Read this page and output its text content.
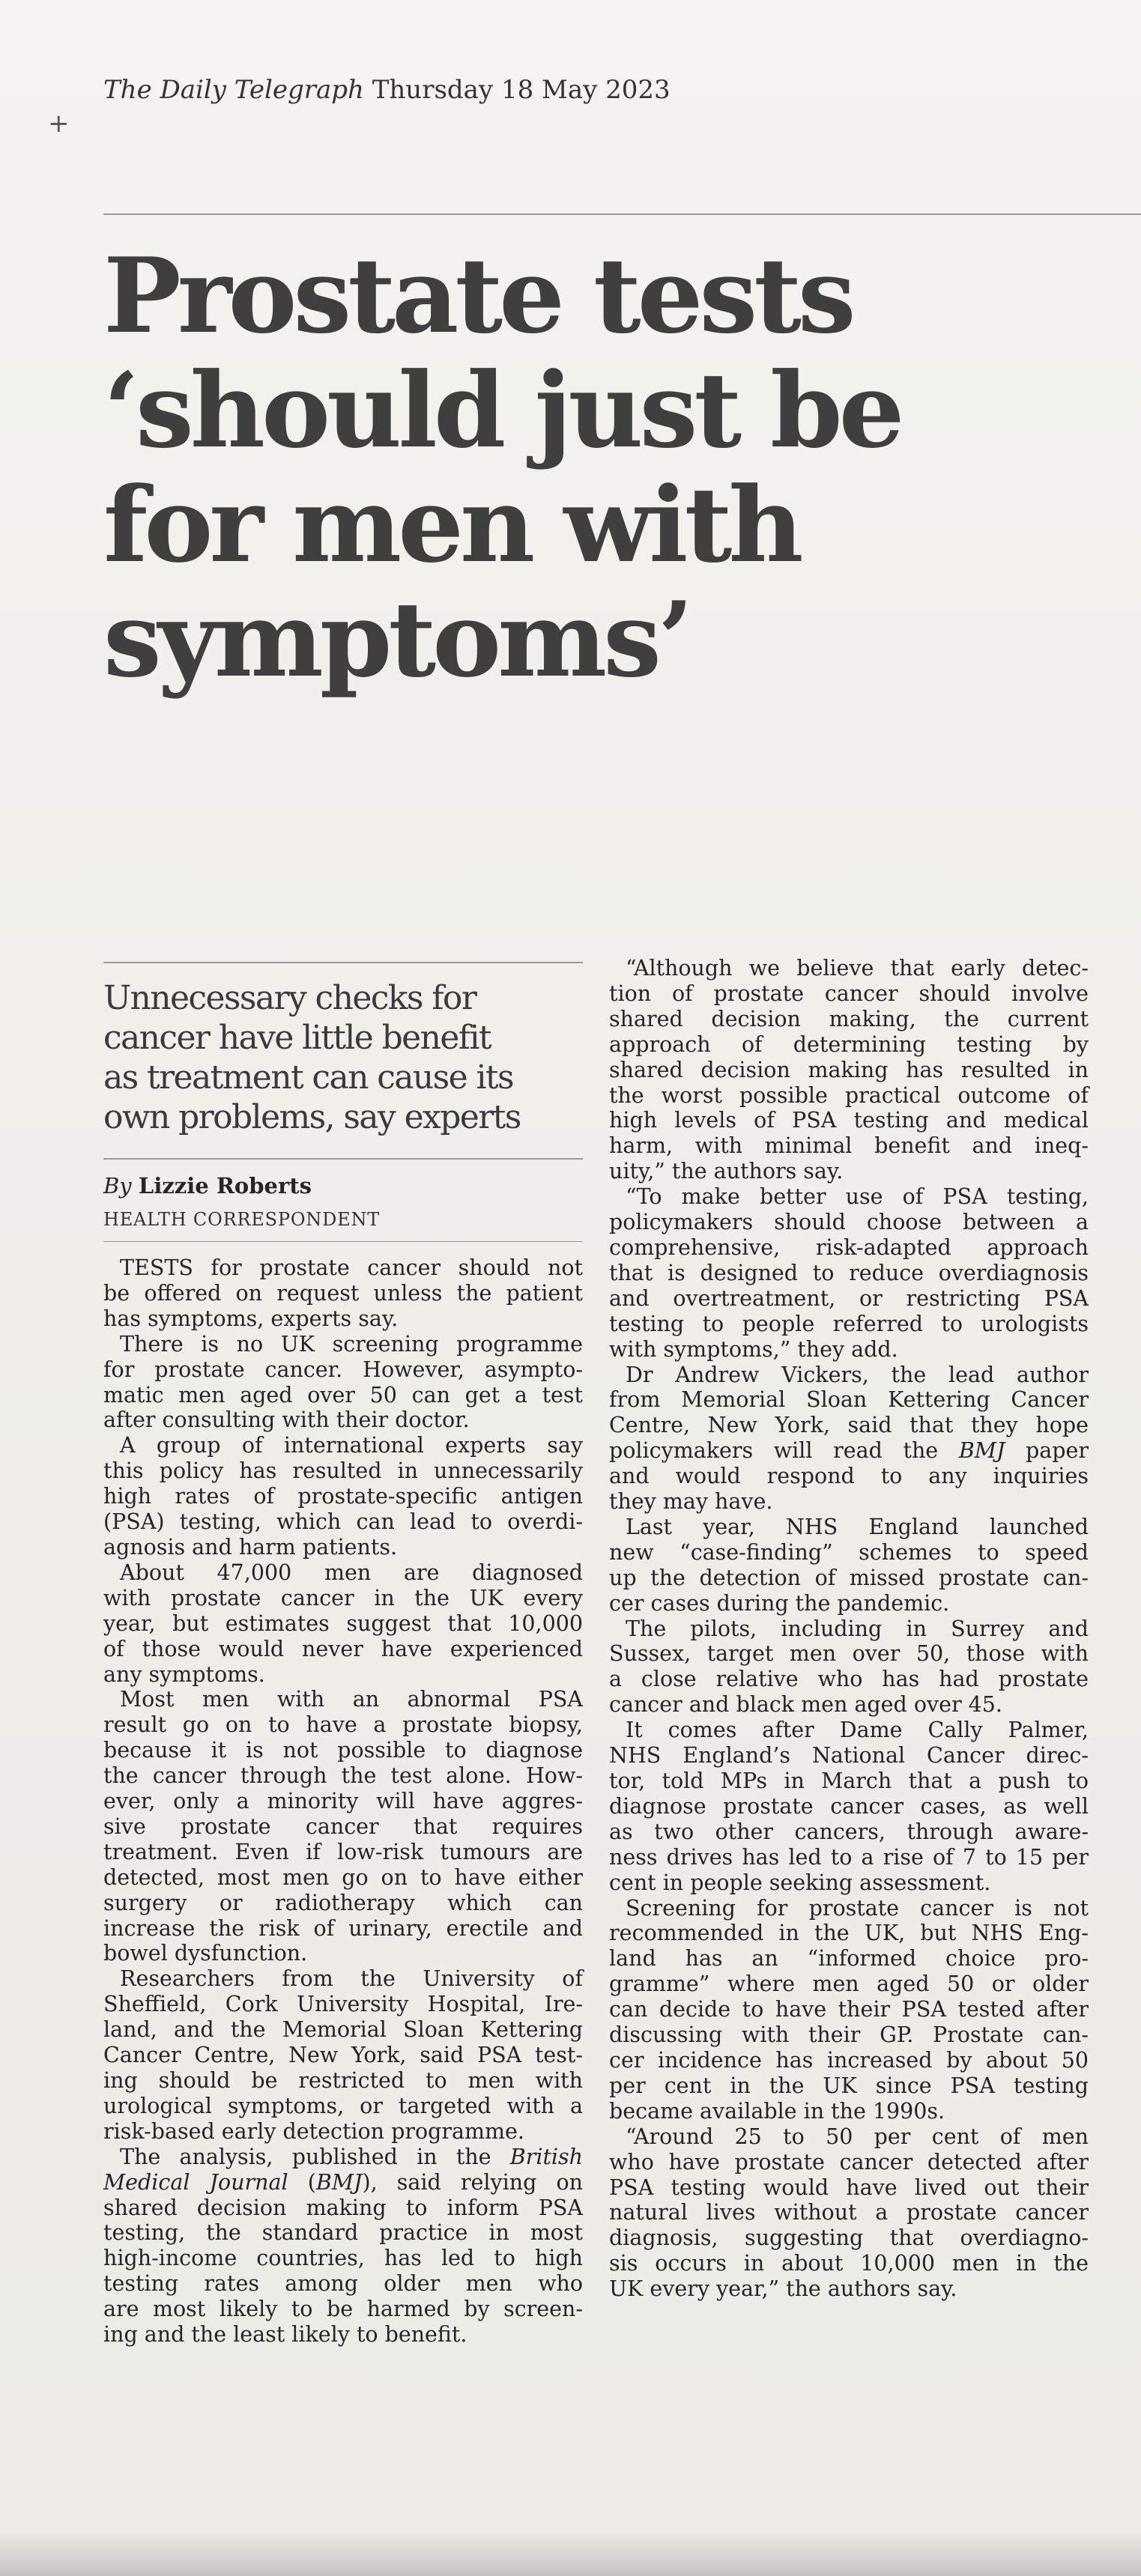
+
The Daily Telegraph Thursday 18 May 2023
Prostate tests
‘should just be
for men with
symptoms’

Unnecessary checks for
cancer have little benefit
as treatment can cause its
own problems, say experts

By Lizzie Roberts
HEALTH CORRESPONDENT

TESTS for prostate cancer should not
be offered on request unless the patient
has symptoms, experts say.

There is no UK screening programme
for prostate cancer. However, asympto-
matic men aged over 50 can get a test
after consulting with their doctor.

A group of international experts say
this policy has resulted in unnecessarily
high rates of prostate-specific antigen
(PSA) testing, which can lead to overdi-
agnosis and harm patients.

About 47,000 men are diagnosed
with prostate cancer in the UK every
year, but estimates suggest that 10,000
of those would never have experienced
any symptoms.

Most men with an abnormal PSA
result go on to have a prostate biopsy,
because it is not possible to diagnose
the cancer through the test alone. How-
ever, only a minority will have aggres-
sive prostate cancer that requires
treatment. Even if low-risk tumours are
detected, most men go on to have either
surgery or radiotherapy which can
increase the risk of urinary, erectile and
bowel dysfunction.

Researchers from the University of
Sheffield, Cork University Hospital, Ire-
land, and the Memorial Sloan Kettering
Cancer Centre, New York, said PSA test-
ing should be restricted to men with
urological symptoms, or targeted with a
risk-based early detection programme.

The analysis, published in the British
Medical Journal (BMJ), said relying on
shared decision making to inform PSA
testing, the standard practice in most
high-income countries, has led to high
testing rates among older men who
are most likely to be harmed by screen-
ing and the least likely to benefit.

“Although we believe that early detec-
tion of prostate cancer should involve
shared decision making, the current
approach of determining testing by
shared decision making has resulted in
the worst possible practical outcome of
high levels of PSA testing and medical
harm, with minimal benefit and ineq-
uity,” the authors say.

“To make better use of PSA testing,
policymakers should choose between a
comprehensive, risk-adapted approach
that is designed to reduce overdiagnosis
and overtreatment, or restricting PSA
testing to people referred to urologists
with symptoms,” they add.

Dr Andrew Vickers, the lead author
from Memorial Sloan Kettering Cancer
Centre, New York, said that they hope
policymakers will read the BMJ paper
and would respond to any inquiries
they may have.

Last year, NHS England launched
new “case-finding” schemes to speed
up the detection of missed prostate can-
cer cases during the pandemic.

The pilots, including in Surrey and
Sussex, target men over 50, those with
a close relative who has had prostate
cancer and black men aged over 45.

It comes after Dame Cally Palmer,
NHS England’s National Cancer direc-
tor, told MPs in March that a push to
diagnose prostate cancer cases, as well
as two other cancers, through aware-
ness drives has led to a rise of 7 to 15 per
cent in people seeking assessment.

Screening for prostate cancer is not
recommended in the UK, but NHS Eng-
land has an “informed choice pro-
gramme” where men aged 50 or older
can decide to have their PSA tested after
discussing with their GP. Prostate can-
cer incidence has increased by about 50
per cent in the UK since PSA testing
became available in the 1990s.

“Around 25 to 50 per cent of men
who have prostate cancer detected after
PSA testing would have lived out their
natural lives without a prostate cancer
diagnosis, suggesting that overdiagno-
sis occurs in about 10,000 men in the
UK every year,” the authors say.
